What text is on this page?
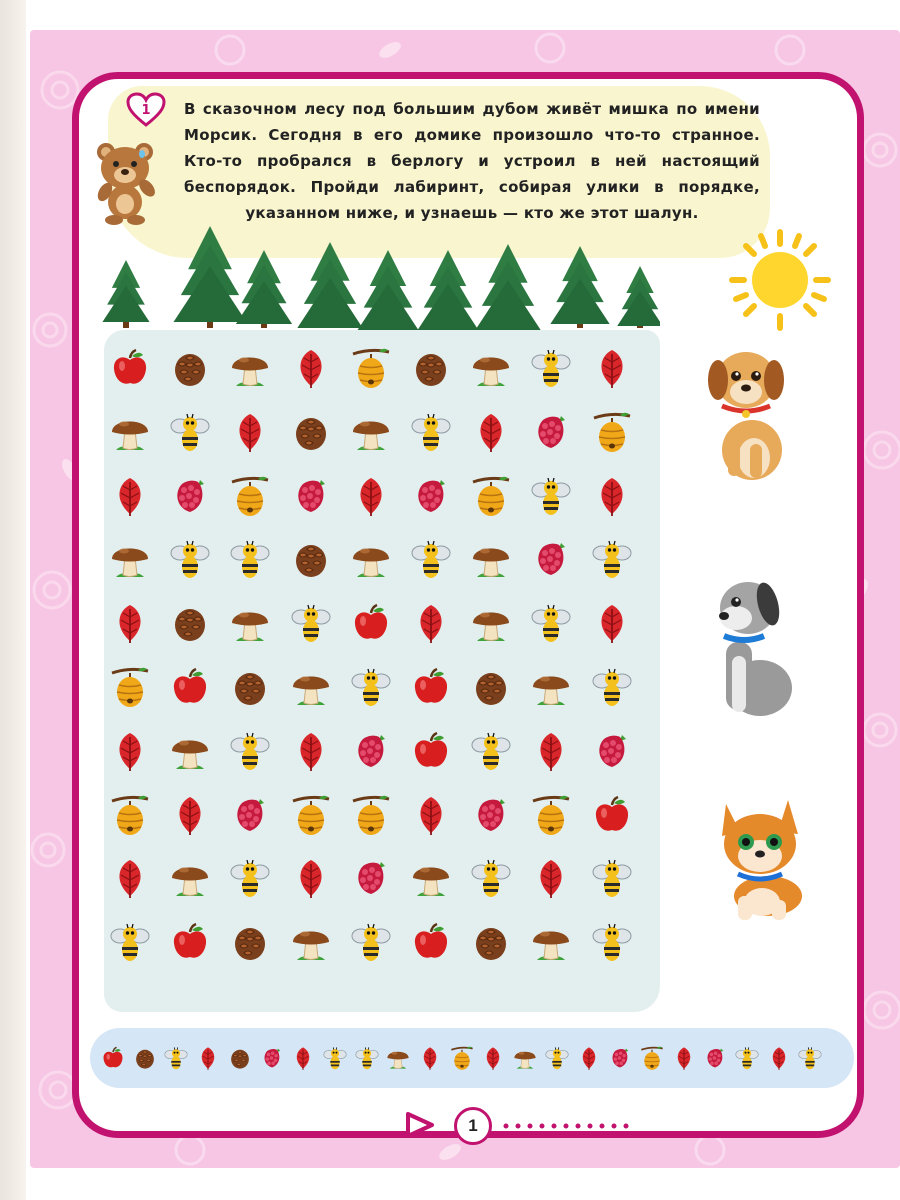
1 В сказочном лесу под большим дубом живёт мишка по имени Морсик. Сегодня в его домике произошло что-то странное. Кто-то пробрался в берлогу и устроил в ней настоящий беспорядок. Пройди лабиринт, собирая улики в порядке, указанном ниже, и узнаешь — кто же этот шалун.
1
